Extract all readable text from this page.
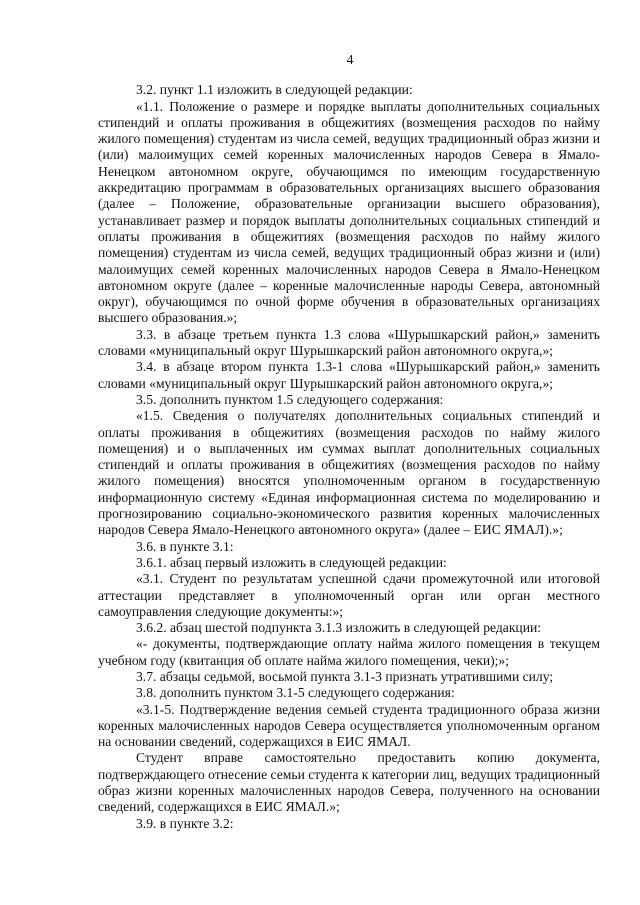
4

3.2. пункт 1.1 изложить в следующей редакции:

«1.1. Положение о размере и порядке выплаты дополнительных социальных стипендий и оплаты проживания в общежитиях (возмещения расходов по найму жилого помещения) студентам из числа семей, ведущих традиционный образ жизни и (или) малоимущих семей коренных малочисленных народов Севера в Ямало-Ненецком автономном округе, обучающимся по имеющим государственную аккредитацию программам в образовательных организациях высшего образования (далее – Положение, образовательные организации высшего образования), устанавливает размер и порядок выплаты дополнительных социальных стипендий и оплаты проживания в общежитиях (возмещения расходов по найму жилого помещения) студентам из числа семей, ведущих традиционный образ жизни и (или) малоимущих семей коренных малочисленных народов Севера в Ямало-Ненецком автономном округе (далее – коренные малочисленные народы Севера, автономный округ), обучающимся по очной форме обучения в образовательных организациях высшего образования.»;

3.3. в абзаце третьем пункта 1.3 слова «Шурышкарский район,» заменить словами «муниципальный округ Шурышкарский район автономного округа,»;

3.4. в абзаце втором пункта 1.3-1 слова «Шурышкарский район,» заменить словами «муниципальный округ Шурышкарский район автономного округа,»;

3.5. дополнить пунктом 1.5 следующего содержания:

«1.5. Сведения о получателях дополнительных социальных стипендий и оплаты проживания в общежитиях (возмещения расходов по найму жилого помещения) и о выплаченных им суммах выплат дополнительных социальных стипендий и оплаты проживания в общежитиях (возмещения расходов по найму жилого помещения) вносятся уполномоченным органом в государственную информационную систему «Единая информационная система по моделированию и прогнозированию социально-экономического развития коренных малочисленных народов Севера Ямало-Ненецкого автономного округа» (далее – ЕИС ЯМАЛ).»;

3.6. в пункте 3.1:

3.6.1. абзац первый изложить в следующей редакции:

«3.1. Студент по результатам успешной сдачи промежуточной или итоговой аттестации представляет в уполномоченный орган или орган местного самоуправления следующие документы:»;

3.6.2. абзац шестой подпункта 3.1.3 изложить в следующей редакции:

«- документы, подтверждающие оплату найма жилого помещения в текущем учебном году (квитанция об оплате найма жилого помещения, чеки);»;

3.7. абзацы седьмой, восьмой пункта 3.1-3 признать утратившими силу;

3.8. дополнить пунктом 3.1-5 следующего содержания:

«3.1-5. Подтверждение ведения семьей студента традиционного образа жизни коренных малочисленных народов Севера осуществляется уполномоченным органом на основании сведений, содержащихся в ЕИС ЯМАЛ.

Студент вправе самостоятельно предоставить копию документа, подтверждающего отнесение семьи студента к категории лиц, ведущих традиционный образ жизни коренных малочисленных народов Севера, полученного на основании сведений, содержащихся в ЕИС ЯМАЛ.»;

3.9. в пункте 3.2:
